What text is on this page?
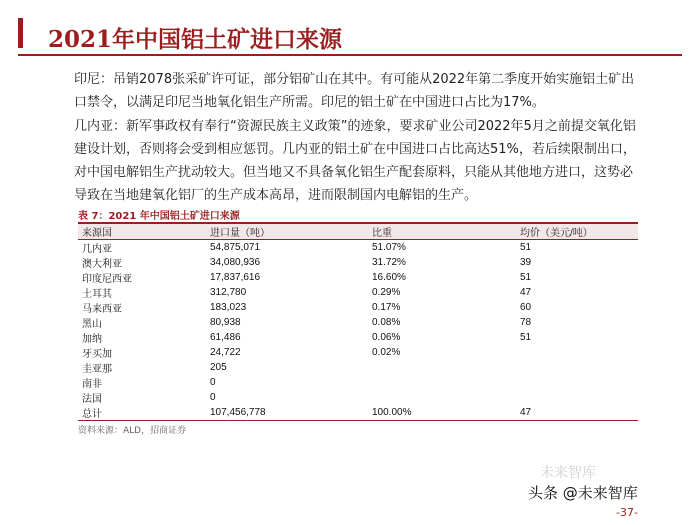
2021年中国铝土矿进口来源
印尼：吊销2078张采矿许可证，部分铝矿山在其中。有可能从2022年第二季度开始实施铝土矿出口禁令，以满足印尼当地氧化铝生产所需。印尼的铝土矿在中国进口占比为17%。
几内亚：新军事政权有奉行“资源民族主义政策”的迹象，要求矿业公司2022年5月之前提交氧化铝建设计划，否则将会受到相应惩罚。几内亚的铝土矿在中国进口占比高达51%，若后续限制出口，对中国电解铝生产扰动较大。但当地又不具备氧化铝生产配套原料，只能从其他地方进口，这势必导致在当地建氧化铝厂的生产成本高昂，进而限制国内电解铝的生产。
表 7：2021 年中国铝土矿进口来源
来源国	进口量（吨）	比重	均价（美元/吨）
几内亚	54,875,071	51.07%	51
澳大利亚	34,080,936	31.72%	39
印度尼西亚	17,837,616	16.60%	51
土耳其	312,780	0.29%	47
马来西亚	183,023	0.17%	60
黑山	80,938	0.08%	78
加纳	61,486	0.06%	51
牙买加	24,722	0.02%	
圭亚那	205		
南非	0		
法国	0		
总计	107,456,778	100.00%	47
资料来源：ALD，招商证券
未来智库
头条 @未来智库
-37-
